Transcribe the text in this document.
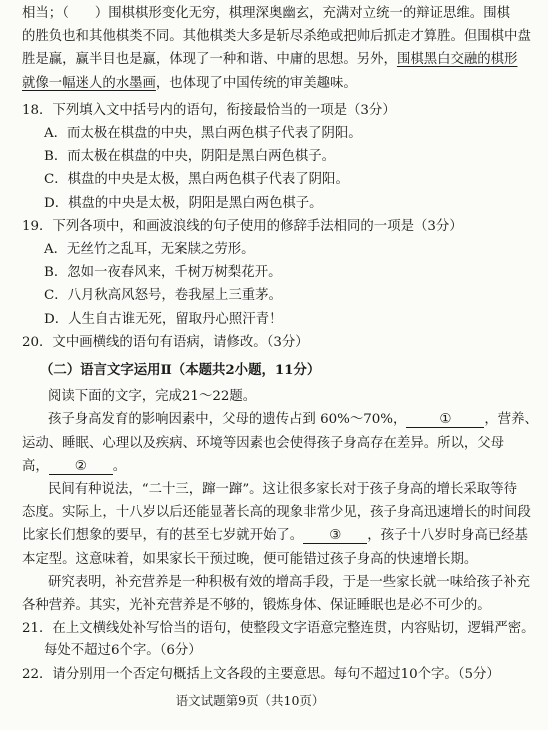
相当；（ ）围棋棋形变化无穷，棋理深奥幽玄，充满对立统一的辩证思维。围棋
的胜负也和其他棋类不同。其他棋类大多是斩尽杀绝或把帅后抓走才算胜。但围棋中盘
胜是赢，赢半目也是赢，体现了一种和谐、中庸的思想。另外，围棋黑白交融的棋形
就像一幅迷人的水墨画，也体现了中国传统的审美趣味。
18．下列填入文中括号内的语句，衔接最恰当的一项是（3分）
A．而太极在棋盘的中央，黑白两色棋子代表了阴阳。
B．而太极在棋盘的中央，阴阳是黑白两色棋子。
C．棋盘的中央是太极，黑白两色棋子代表了阴阳。
D．棋盘的中央是太极，阴阳是黑白两色棋子。
19．下列各项中，和画波浪线的句子使用的修辞手法相同的一项是（3分）
A．无丝竹之乱耳，无案牍之劳形。
B．忽如一夜春风来，千树万树梨花开。
C．八月秋高风怒号，卷我屋上三重茅。
D．人生自古谁无死，留取丹心照汗青！
20．文中画横线的语句有语病，请修改。（3分）
（二）语言文字运用Ⅱ（本题共2小题，11分）
阅读下面的文字，完成21～22题。
孩子身高发育的影响因素中，父母的遗传占到 60%～70%， ① ，营养、
运动、睡眠、心理以及疾病、环境等因素也会使得孩子身高存在差异。所以，父母
高， ② 。
民间有种说法，“二十三，蹿一蹿”。这让很多家长对于孩子身高的增长采取等待
态度。实际上，十八岁以后还能显著长高的现象非常少见，孩子身高迅速增长的时间段
比家长们想象的要早，有的甚至七岁就开始了。 ③ ，孩子十八岁时身高已经基
本定型。这意味着，如果家长干预过晚，便可能错过孩子身高的快速增长期。
研究表明，补充营养是一种积极有效的增高手段，于是一些家长就一味给孩子补充
各种营养。其实，光补充营养是不够的，锻炼身体、保证睡眠也是必不可少的。
21．在上文横线处补写恰当的语句，使整段文字语意完整连贯，内容贴切，逻辑严密。
语文试题第9页（共10页）
每处不超过6个字。（6分）
22．请分别用一个否定句概括上文各段的主要意思。每句不超过10个字。（5分）
